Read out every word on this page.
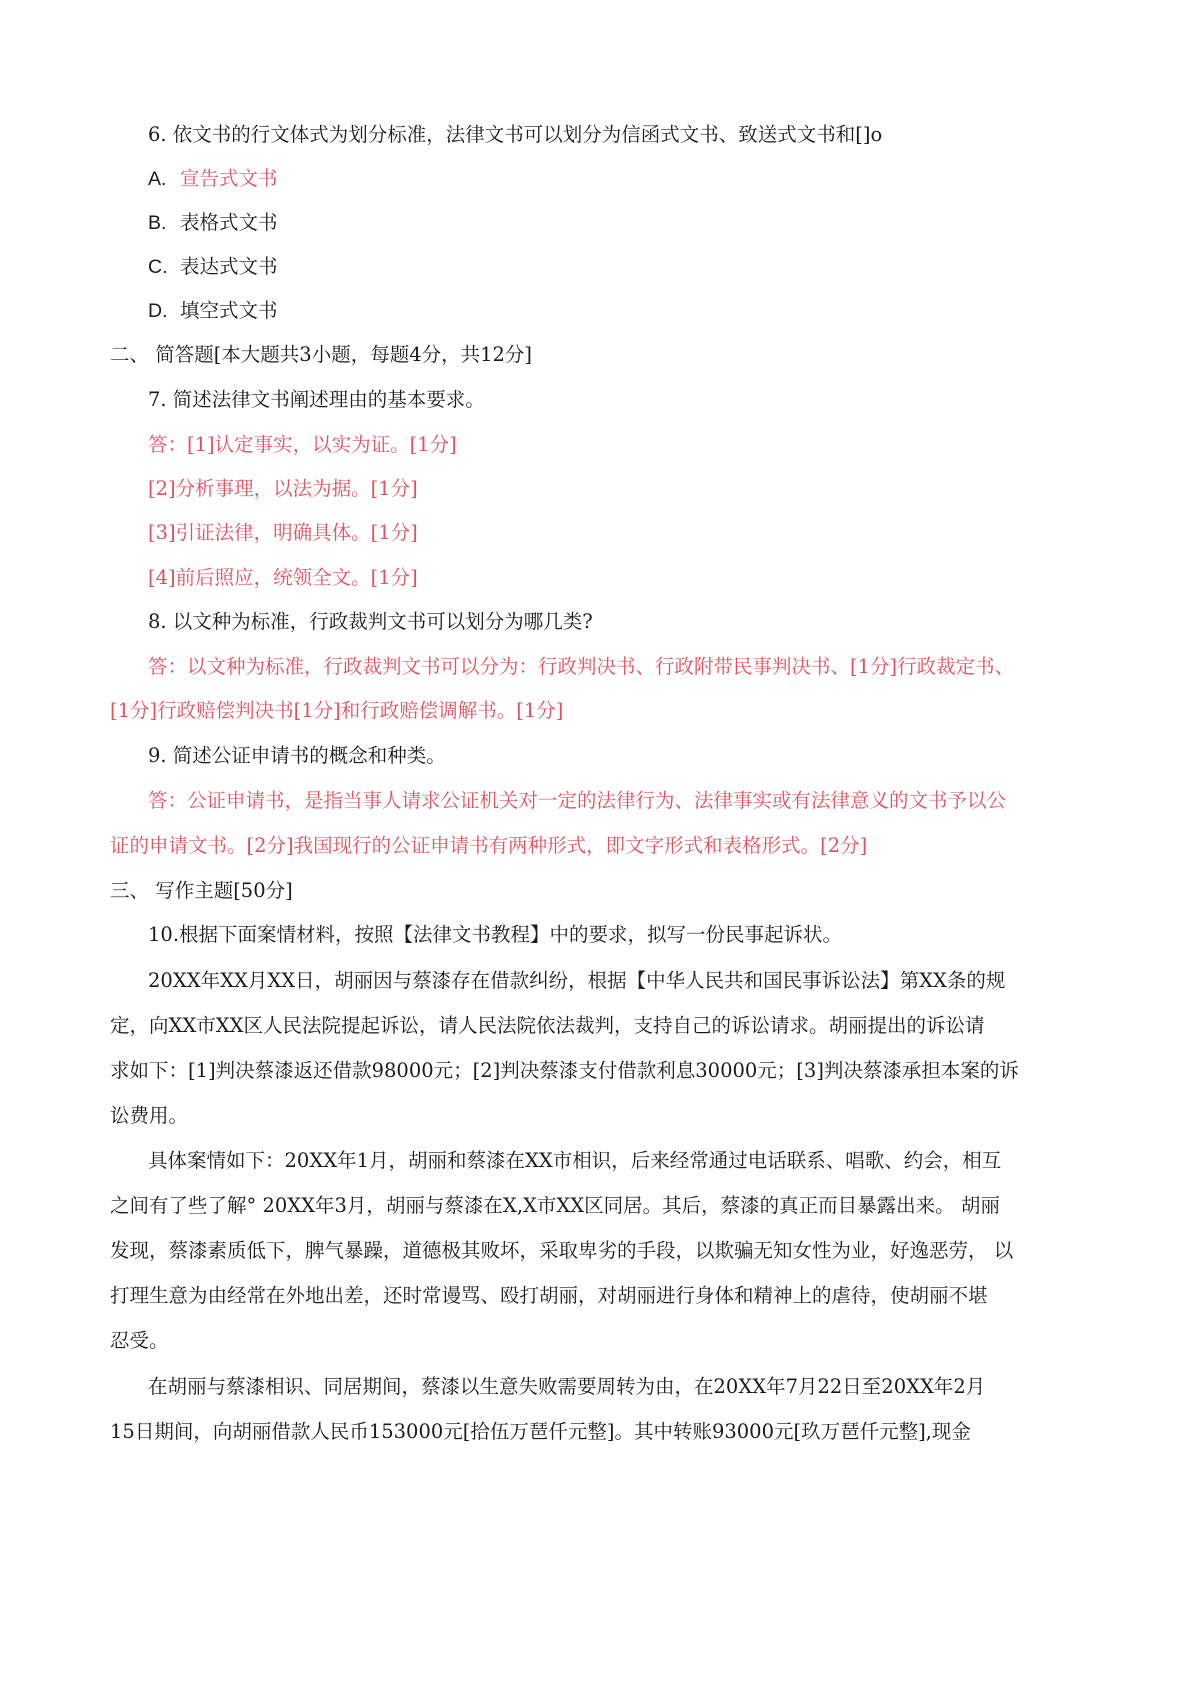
6. 依文书的行文体式为划分标准，法律文书可以划分为信函式文书、致送式文书和[]o
A. 宣告式文书
B. 表格式文书
C. 表达式文书
D. 填空式文书
二、 简答题[本大题共3小题，每题4分，共12分]
7. 简述法律文书阐述理由的基本要求。
答：[1]认定事实，以实为证。[1分]
[2]分析事理，以法为据。[1分]
[3]引证法律，明确具体。[1分]
[4]前后照应，统领全文。[1分]
8. 以文种为标准，行政裁判文书可以划分为哪几类?
答：以文种为标准，行政裁判文书可以分为：行政判决书、行政附带民事判决书、[1分]行政裁定书、
[1分]行政赔偿判决书[1分]和行政赔偿调解书。[1分]
9. 简述公证申请书的概念和种类。
答：公证申请书，是指当事人请求公证机关对一定的法律行为、法律事实或有法律意义的文书予以公
证的申请文书。[2分]我国现行的公证申请书有两种形式，即文字形式和表格形式。[2分]
三、 写作主题[50分]
10.根据下面案情材料，按照【法律文书教程】中的要求，拟写一份民事起诉状。
20XX年XX月XX日，胡丽因与蔡漆存在借款纠纷，根据【中华人民共和国民事诉讼法】第XX条的规
定，向XX市XX区人民法院提起诉讼，请人民法院依法裁判，支持自己的诉讼请求。胡丽提出的诉讼请
求如下：[1]判决蔡漆返还借款98000元；[2]判决蔡漆支付借款利息30000元；[3]判决蔡漆承担本案的诉
讼费用。
具体案情如下：20XX年1月，胡丽和蔡漆在XX市相识，后来经常通过电话联系、唱歌、约会，相互
之间有了些了解° 20XX年3月，胡丽与蔡漆在X,X市XX区同居。其后，蔡漆的真正而目暴露出来。 胡丽
发现，蔡漆素质低下，脾气暴躁，道德极其败坏，采取卑劣的手段，以欺骗无知女性为业，好逸恶劳， 以
打理生意为由经常在外地出差，还时常谩骂、殴打胡丽，对胡丽进行身体和精神上的虐待，使胡丽不堪
忍受。
在胡丽与蔡漆相识、同居期间，蔡漆以生意失败需要周转为由，在20XX年7月22日至20XX年2月
15日期间，向胡丽借款人民币153000元[拾伍万琶仟元整]。其中转账93000元[玖万琶仟元整],现金
